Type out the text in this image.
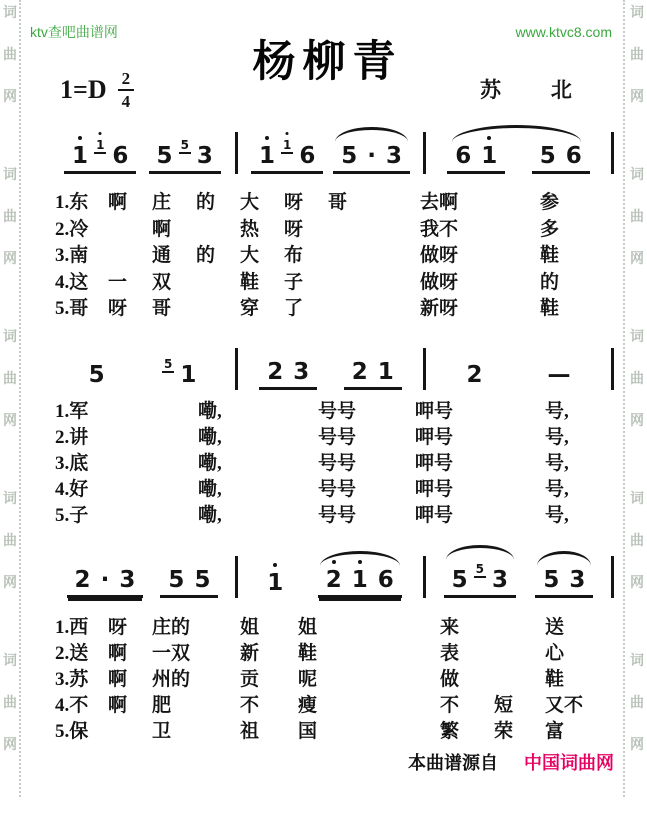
词
曲
网
词
曲
网
词
曲
网
词
曲
网
词
曲
网
词
曲
网
词
曲
网
词
曲
网
词
曲
网
词
曲
网
ktv查吧曲谱网	www.ktvc8.com
杨柳青
$1=D \frac{2}{4}$	苏 北
1 1 6 5 5 3 1 1 6 5 · 3 6 1 5 6
1.东	啊	庄	的	大	呀	哥	去啊	参
2.冷	啊	热	呀	我不	多
3.南	通	的	大	布	做呀	鞋
4.这	一	双	鞋	子	做呀	的
5.哥	呀	哥	穿	了	新呀	鞋
5	5 1	2 3 2 1	2	—
1.军	嘞,	号号	呷号	号,
2.讲	嘞,	号号	呷号	号,
3.底	嘞,	号号	呷号	号,
4.好	嘞,	号号	呷号	号,
5.子	嘞,	号号	呷号	号,
2 · 3 5 5 1 2 1 6	5 5 3 5 3
1.西	呀	庄的	姐	姐	来	送
2.送	啊	一双	新	鞋	表	心
3.苏	啊	州的	贡	呢	做	鞋
4.不	啊	肥	不	瘦	不	短	又不
5.保	卫	祖	国	繁	荣	富
本曲谱源自 中国词曲网
